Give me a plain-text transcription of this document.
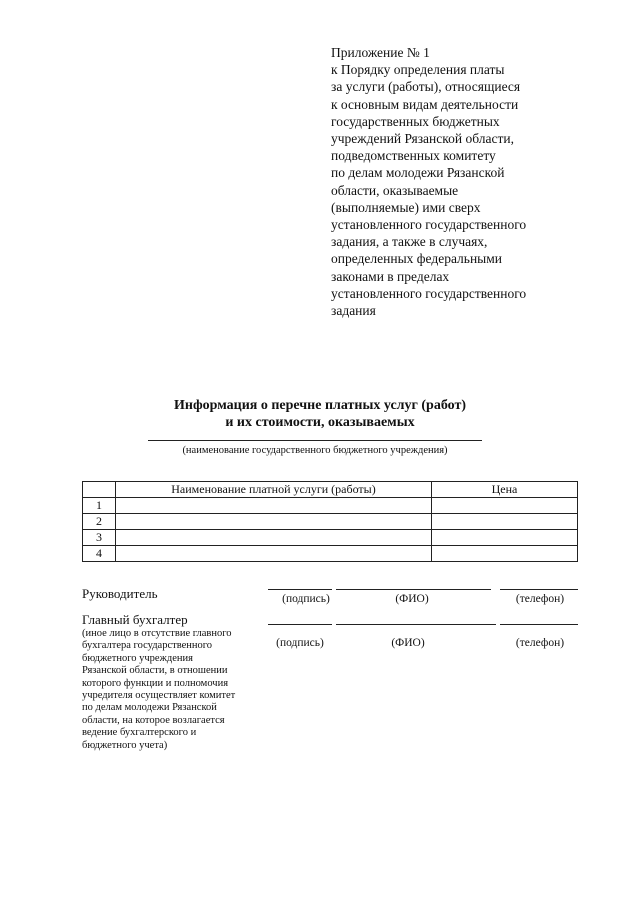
Приложение № 1
к Порядку определения платы
за услуги (работы), относящиеся
к основным видам деятельности
государственных бюджетных
учреждений Рязанской области,
подведомственных комитету
по делам молодежи Рязанской
области, оказываемые
(выполняемые) ими сверх
установленного государственного
задания, а также в случаях,
определенных федеральными
законами в пределах
установленного государственного
задания
Информация о перечне платных услуг (работ)
и их стоимости, оказываемых
(наименование государственного бюджетного учреждения)
	Наименование платной услуги (работы)	Цена
1		
2		
3		
4		
Руководитель	(подпись)	(ФИО)	(телефон)
Главный бухгалтер
(подпись)	(ФИО)	(телефон)
(иное лицо в отсутствие главного
бухгалтера государственного
бюджетного учреждения
Рязанской области, в отношении
которого функции и полномочия
учредителя осуществляет комитет
по делам молодежи Рязанской
области, на которое возлагается
ведение бухгалтерского и
бюджетного учета)
